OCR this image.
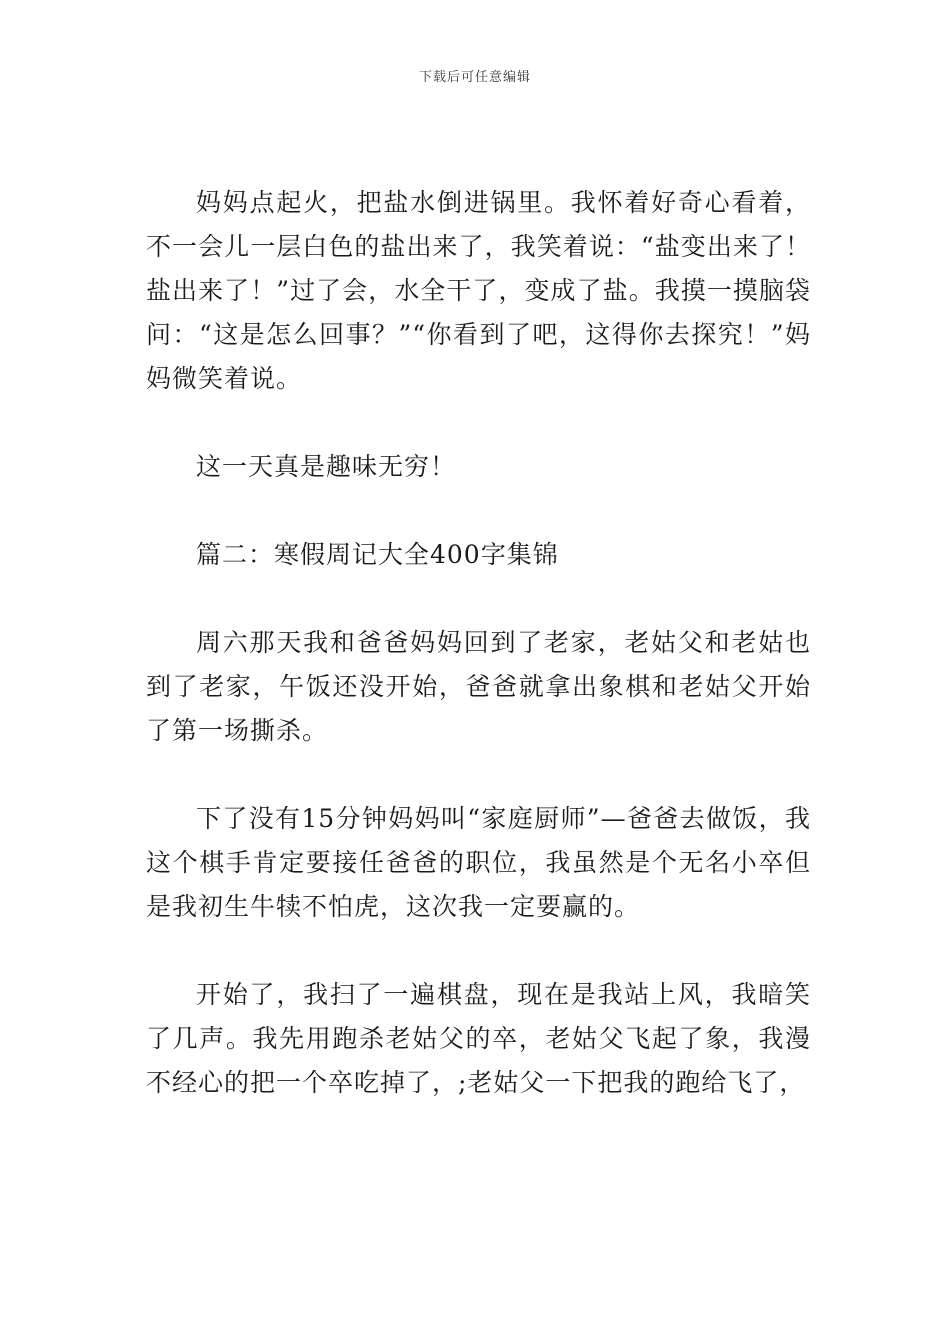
下载后可任意编辑

妈妈点起火，把盐水倒进锅里。我怀着好奇心看着，不一会儿一层白色的盐出来了，我笑着说：“盐变出来了！盐出来了！”过了会，水全干了，变成了盐。我摸一摸脑袋问：“这是怎么回事？”“你看到了吧，这得你去探究！”妈妈微笑着说。

这一天真是趣味无穷！

篇二：寒假周记大全400字集锦

周六那天我和爸爸妈妈回到了老家，老姑父和老姑也到了老家，午饭还没开始，爸爸就拿出象棋和老姑父开始了第一场撕杀。

下了没有15分钟妈妈叫“家庭厨师”—爸爸去做饭，我这个棋手肯定要接任爸爸的职位，我虽然是个无名小卒但是我初生牛犊不怕虎，这次我一定要赢的。

开始了，我扫了一遍棋盘，现在是我站上风，我暗笑了几声。我先用跑杀老姑父的卒，老姑父飞起了象，我漫不经心的把一个卒吃掉了，;老姑父一下把我的跑给飞了，
